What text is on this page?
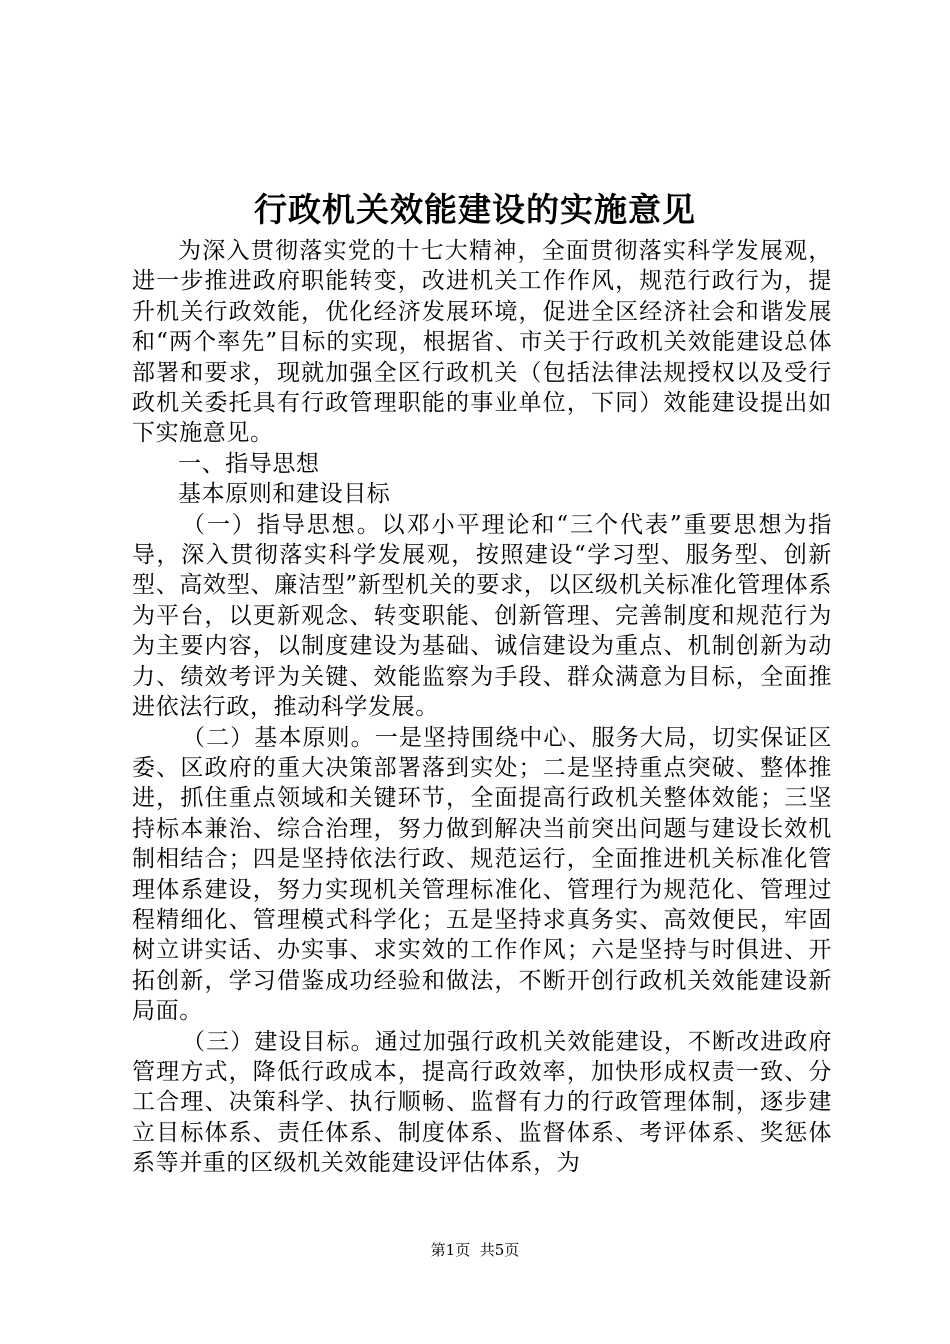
行政机关效能建设的实施意见

为深入贯彻落实党的十七大精神，全面贯彻落实科学发展观，进一步推进政府职能转变，改进机关工作作风，规范行政行为，提升机关行政效能，优化经济发展环境，促进全区经济社会和谐发展和“两个率先”目标的实现，根据省、市关于行政机关效能建设总体部署和要求，现就加强全区行政机关（包括法律法规授权以及受行政机关委托具有行政管理职能的事业单位，下同）效能建设提出如下实施意见。

一、指导思想

基本原则和建设目标

（一）指导思想。以邓小平理论和“三个代表”重要思想为指导，深入贯彻落实科学发展观，按照建设“学习型、服务型、创新型、高效型、廉洁型”新型机关的要求，以区级机关标准化管理体系为平台，以更新观念、转变职能、创新管理、完善制度和规范行为为主要内容，以制度建设为基础、诚信建设为重点、机制创新为动力、绩效考评为关键、效能监察为手段、群众满意为目标，全面推进依法行政，推动科学发展。

（二）基本原则。一是坚持围绕中心、服务大局，切实保证区委、区政府的重大决策部署落到实处；二是坚持重点突破、整体推进，抓住重点领域和关键环节，全面提高行政机关整体效能；三坚持标本兼治、综合治理，努力做到解决当前突出问题与建设长效机制相结合；四是坚持依法行政、规范运行，全面推进机关标准化管理体系建设，努力实现机关管理标准化、管理行为规范化、管理过程精细化、管理模式科学化；五是坚持求真务实、高效便民，牢固树立讲实话、办实事、求实效的工作作风；六是坚持与时俱进、开拓创新，学习借鉴成功经验和做法，不断开创行政机关效能建设新局面。

（三）建设目标。通过加强行政机关效能建设，不断改进政府管理方式，降低行政成本，提高行政效率，加快形成权责一致、分工合理、决策科学、执行顺畅、监督有力的行政管理体制，逐步建立目标体系、责任体系、制度体系、监督体系、考评体系、奖惩体系等并重的区级机关效能建设评估体系，为

第1页 共5页
